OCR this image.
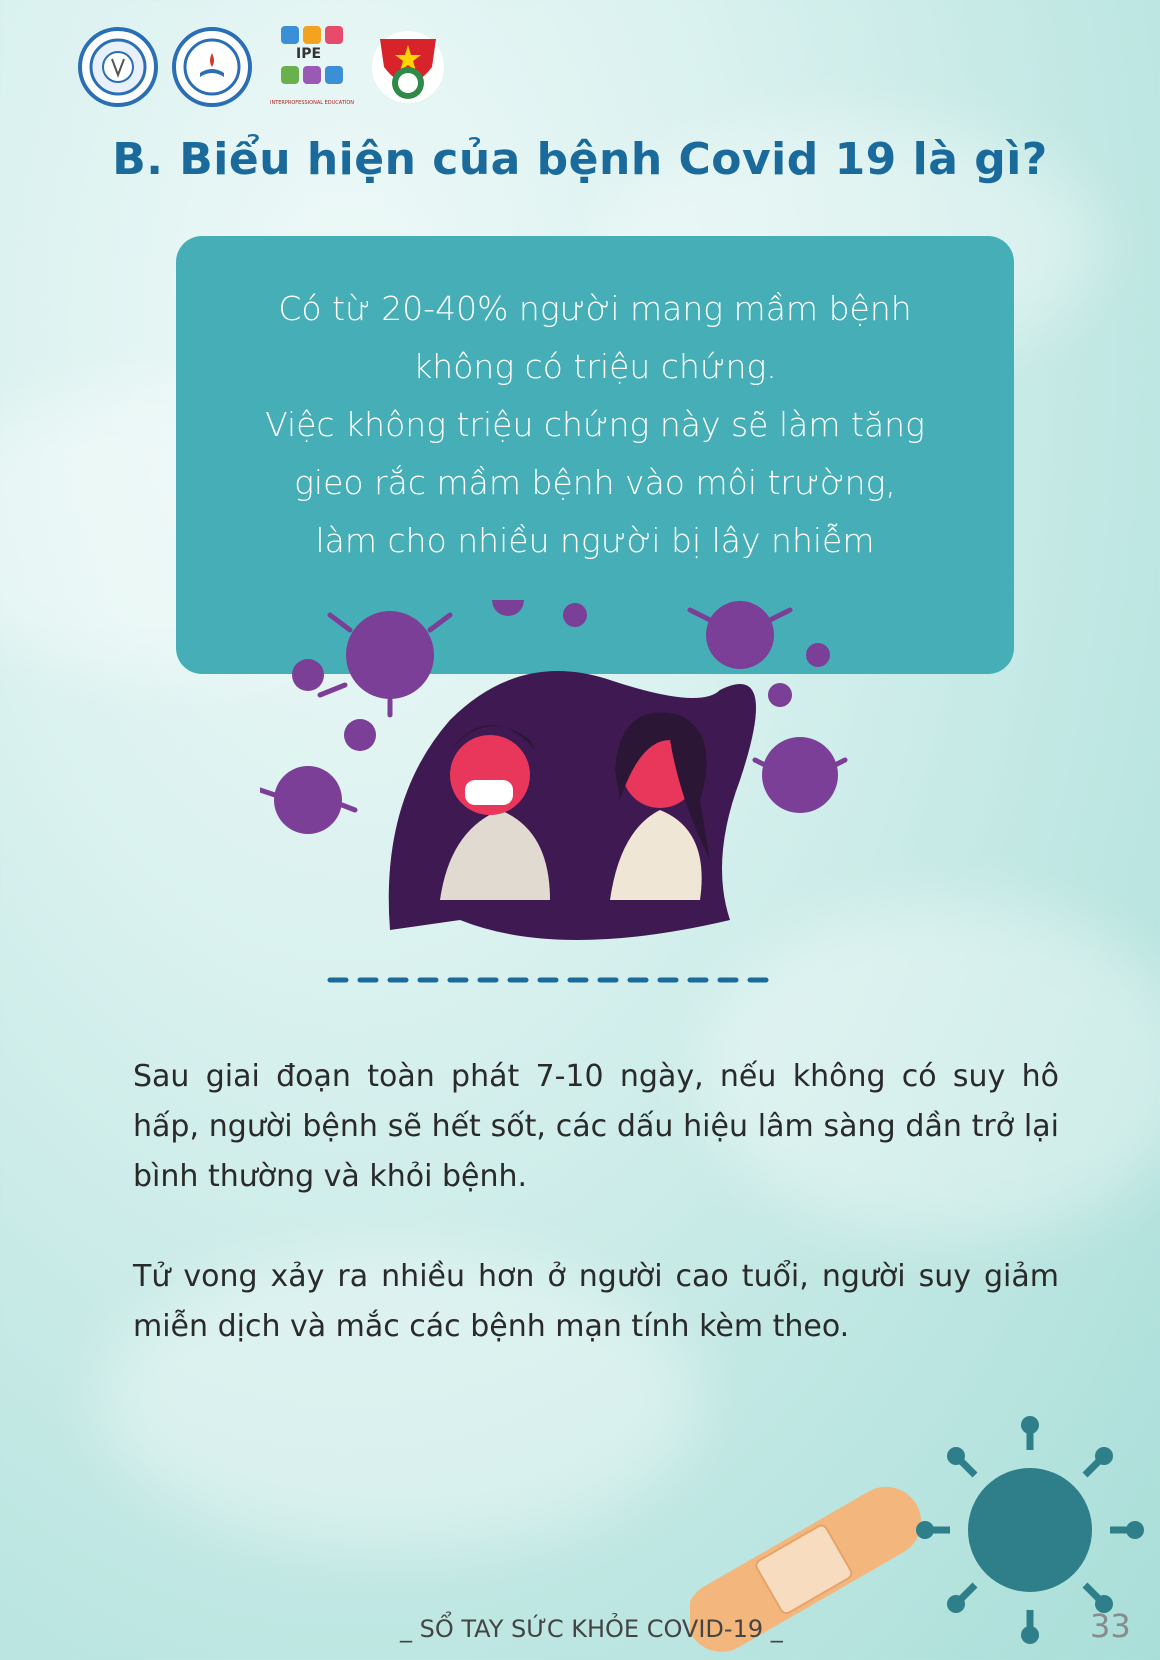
IPE
INTERPROFESSIONAL EDUCATION
B. Biểu hiện của bệnh Covid 19 là gì?
Có từ 20-40% người mang mầm bệnh
không có triệu chứng.
Việc không triệu chứng này sẽ làm tăng
gieo rắc mầm bệnh vào môi trường,
làm cho nhiều người bị lây nhiễm
Sau giai đoạn toàn phát 7-10 ngày, nếu không có suy hô hấp, người bệnh sẽ hết sốt, các dấu hiệu lâm sàng dần trở lại bình thường và khỏi bệnh.
Tử vong xảy ra nhiều hơn ở người cao tuổi, người suy giảm miễn dịch và mắc các bệnh mạn tính kèm theo.
_ SỔ TAY SỨC KHỎE COVID-19 _	33
